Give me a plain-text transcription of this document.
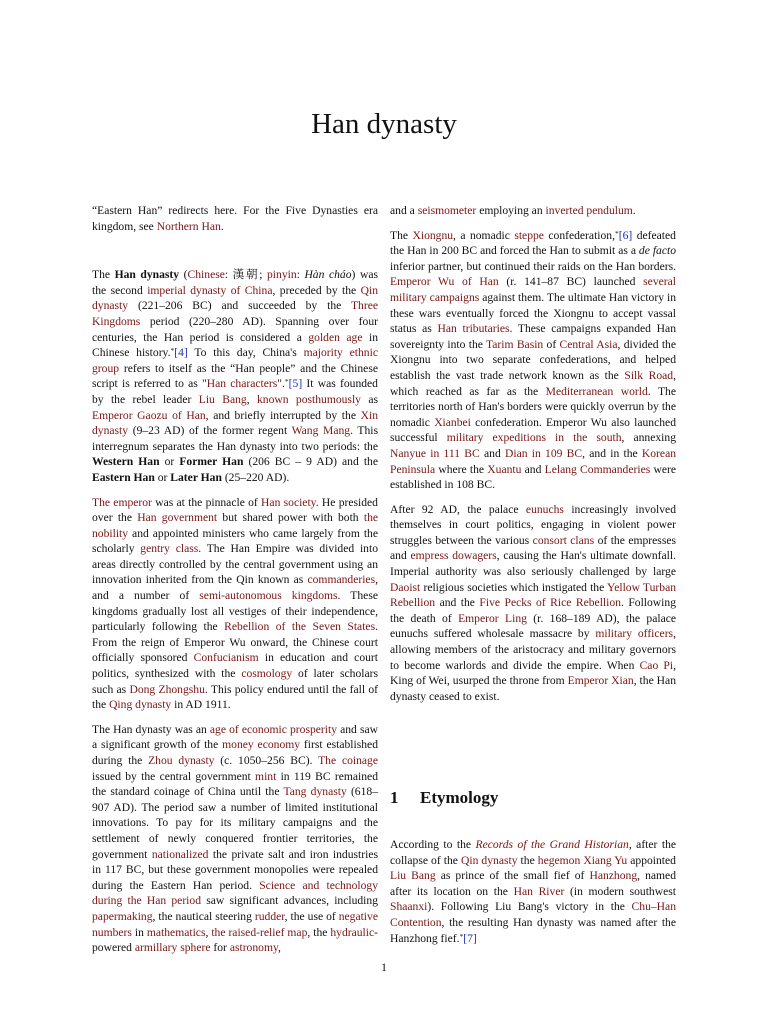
Han dynasty

“Eastern Han” redirects here. For the Five Dynasties era kingdom, see Northern Han.

The Han dynasty (Chinese: 漢朝; pinyin: Hàn cháo) was the second imperial dynasty of China, preceded by the Qin dynasty (221–206 BC) and succeeded by the Three Kingdoms period (220–280 AD). Spanning over four centuries, the Han period is considered a golden age in Chinese history.*[4] To this day, China's majority ethnic group refers to itself as the “Han people” and the Chinese script is referred to as "Han characters".*[5] It was founded by the rebel leader Liu Bang, known posthumously as Emperor Gaozu of Han, and briefly interrupted by the Xin dynasty (9–23 AD) of the former regent Wang Mang. This interregnum separates the Han dynasty into two periods: the Western Han or Former Han (206 BC – 9 AD) and the Eastern Han or Later Han (25–220 AD).

The emperor was at the pinnacle of Han society. He presided over the Han government but shared power with both the nobility and appointed ministers who came largely from the scholarly gentry class. The Han Empire was divided into areas directly controlled by the central government using an innovation inherited from the Qin known as commanderies, and a number of semi-autonomous kingdoms. These kingdoms gradually lost all vestiges of their independence, particularly following the Rebellion of the Seven States. From the reign of Emperor Wu onward, the Chinese court officially sponsored Confucianism in education and court politics, synthesized with the cosmology of later scholars such as Dong Zhongshu. This policy endured until the fall of the Qing dynasty in AD 1911.

The Han dynasty was an age of economic prosperity and saw a significant growth of the money economy first established during the Zhou dynasty (c. 1050–256 BC). The coinage issued by the central government mint in 119 BC remained the standard coinage of China until the Tang dynasty (618–907 AD). The period saw a number of limited institutional innovations. To pay for its military campaigns and the settlement of newly conquered frontier territories, the government nationalized the private salt and iron industries in 117 BC, but these government monopolies were repealed during the Eastern Han period. Science and technology during the Han period saw significant advances, including papermaking, the nautical steering rudder, the use of negative numbers in mathematics, the raised-relief map, the hydraulic-powered armillary sphere for astronomy,

and a seismometer employing an inverted pendulum.

The Xiongnu, a nomadic steppe confederation,*[6] defeated the Han in 200 BC and forced the Han to submit as a de facto inferior partner, but continued their raids on the Han borders. Emperor Wu of Han (r. 141–87 BC) launched several military campaigns against them. The ultimate Han victory in these wars eventually forced the Xiongnu to accept vassal status as Han tributaries. These campaigns expanded Han sovereignty into the Tarim Basin of Central Asia, divided the Xiongnu into two separate confederations, and helped establish the vast trade network known as the Silk Road, which reached as far as the Mediterranean world. The territories north of Han's borders were quickly overrun by the nomadic Xianbei confederation. Emperor Wu also launched successful military expeditions in the south, annexing Nanyue in 111 BC and Dian in 109 BC, and in the Korean Peninsula where the Xuantu and Lelang Commanderies were established in 108 BC.

After 92 AD, the palace eunuchs increasingly involved themselves in court politics, engaging in violent power struggles between the various consort clans of the empresses and empress dowagers, causing the Han's ultimate downfall. Imperial authority was also seriously challenged by large Daoist religious societies which instigated the Yellow Turban Rebellion and the Five Pecks of Rice Rebellion. Following the death of Emperor Ling (r. 168–189 AD), the palace eunuchs suffered wholesale massacre by military officers, allowing members of the aristocracy and military governors to become warlords and divide the empire. When Cao Pi, King of Wei, usurped the throne from Emperor Xian, the Han dynasty ceased to exist.

1 Etymology

According to the Records of the Grand Historian, after the collapse of the Qin dynasty the hegemon Xiang Yu appointed Liu Bang as prince of the small fief of Hanzhong, named after its location on the Han River (in modern southwest Shaanxi). Following Liu Bang's victory in the Chu–Han Contention, the resulting Han dynasty was named after the Hanzhong fief.*[7]

1
